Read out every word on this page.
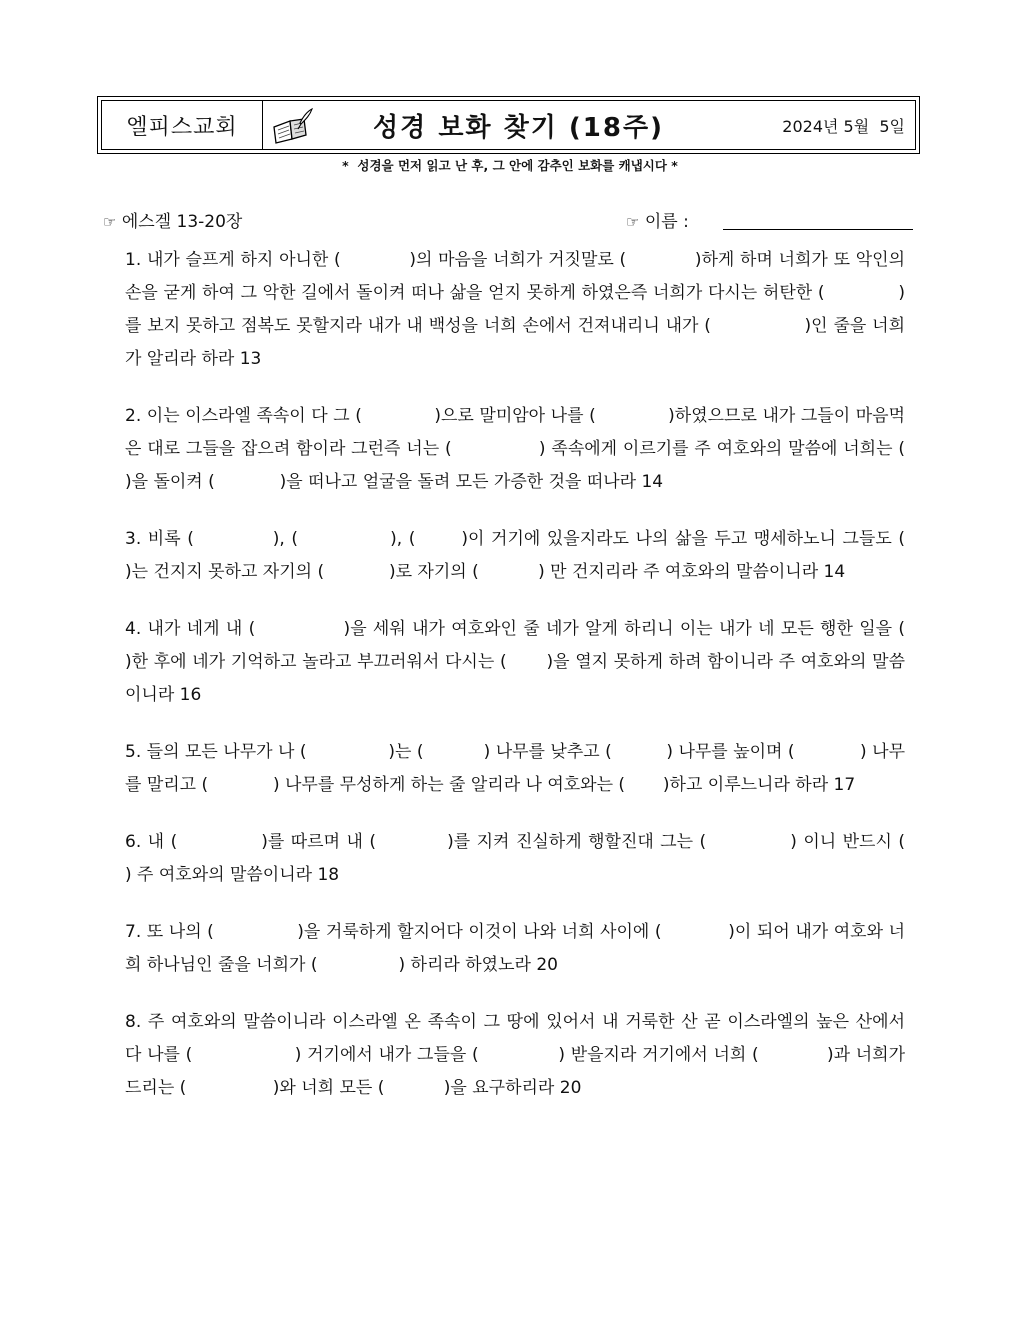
엘피스교회	성경 보화 찾기 (18주)	2024년 5월  5일
*  성경을 먼저 읽고 난 후, 그 안에 감추인 보화를 캐냅시다 *
☞ 에스겔 13-20장	☞ 이름 :

1. 내가 슬프게 하지 아니한 (            )의 마음을 너희가 거짓말로 (            )하게 하며 너희가 또 악인의 손을 굳게 하여 그 악한 길에서 돌이켜 떠나 삶을 얻지 못하게 하였은즉 너희가 다시는 허탄한 (             )를 보지 못하고 점복도 못할지라 내가 내 백성을 너희 손에서 건져내리니 내가 (                )인 줄을 너희가 알리라 하라 13

2. 이는 이스라엘 족속이 다 그 (             )으로 말미암아 나를 (             )하였으므로 내가 그들이 마음먹은 대로 그들을 잡으려 함이라 그런즉 너는 (               ) 족속에게 이르기를 주 여호와의 말씀에 너희는 (              )을 돌이켜 (            )을 떠나고 얼굴을 돌려 모든 가증한 것을 떠나라 14

3. 비록 (            ), (              ), (       )이 거기에 있을지라도 나의 삶을 두고 맹세하노니 그들도 (            )는 건지지 못하고 자기의 (            )로 자기의 (           ) 만 건지리라 주 여호와의 말씀이니라 14

4. 내가 네게 내 (              )을 세워 내가 여호와인 줄 네가 알게 하리니 이는 내가 네 모든 행한 일을 (            )한 후에 네가 기억하고 놀라고 부끄러워서 다시는 (       )을 열지 못하게 하려 함이니라 주 여호와의 말씀이니라 16

5. 들의 모든 나무가 나 (               )는 (           ) 나무를 낮추고 (          ) 나무를 높이며 (            ) 나무를 말리고 (            ) 나무를 무성하게 하는 줄 알리라 나 여호와는 (       )하고 이루느니라 하라 17

6. 내 (             )를 따르며 내 (           )를 지켜 진실하게 행할진대 그는 (             ) 이니 반드시 (                 ) 주 여호와의 말씀이니라 18

7. 또 나의 (               )을 거룩하게 할지어다 이것이 나와 너희 사이에 (            )이 되어 내가 여호와 너희 하나님인 줄을 너희가 (               ) 하리라 하였노라 20

8. 주 여호와의 말씀이니라 이스라엘 온 족속이 그 땅에 있어서 내 거룩한 산 곧 이스라엘의 높은 산에서 다 나를 (                  ) 거기에서 내가 그들을 (              ) 받을지라 거기에서 너희 (            )과 너희가 드리는 (                )와 너희 모든 (           )을 요구하리라 20
